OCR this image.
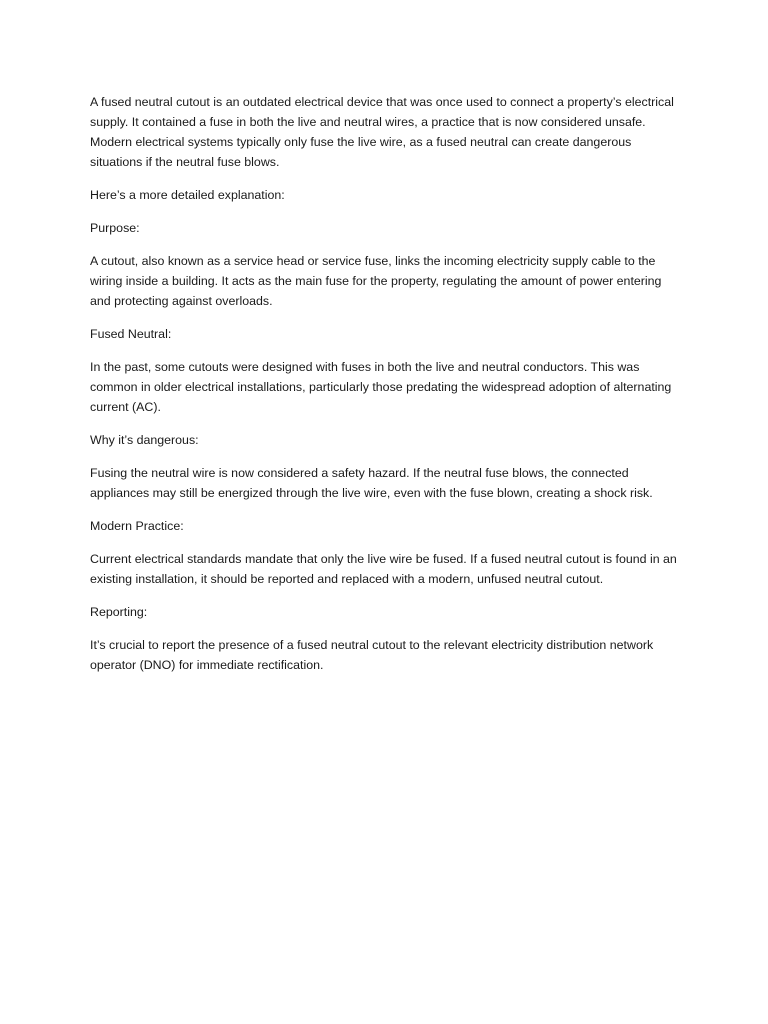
A fused neutral cutout is an outdated electrical device that was once used to connect a property’s electrical supply. It contained a fuse in both the live and neutral wires, a practice that is now considered unsafe. Modern electrical systems typically only fuse the live wire, as a fused neutral can create dangerous situations if the neutral fuse blows.

Here’s a more detailed explanation:

Purpose:

A cutout, also known as a service head or service fuse, links the incoming electricity supply cable to the wiring inside a building. It acts as the main fuse for the property, regulating the amount of power entering and protecting against overloads.

Fused Neutral:

In the past, some cutouts were designed with fuses in both the live and neutral conductors. This was common in older electrical installations, particularly those predating the widespread adoption of alternating current (AC).

Why it’s dangerous:

Fusing the neutral wire is now considered a safety hazard. If the neutral fuse blows, the connected appliances may still be energized through the live wire, even with the fuse blown, creating a shock risk.

Modern Practice:

Current electrical standards mandate that only the live wire be fused. If a fused neutral cutout is found in an existing installation, it should be reported and replaced with a modern, unfused neutral cutout.

Reporting:

It’s crucial to report the presence of a fused neutral cutout to the relevant electricity distribution network operator (DNO) for immediate rectification.
